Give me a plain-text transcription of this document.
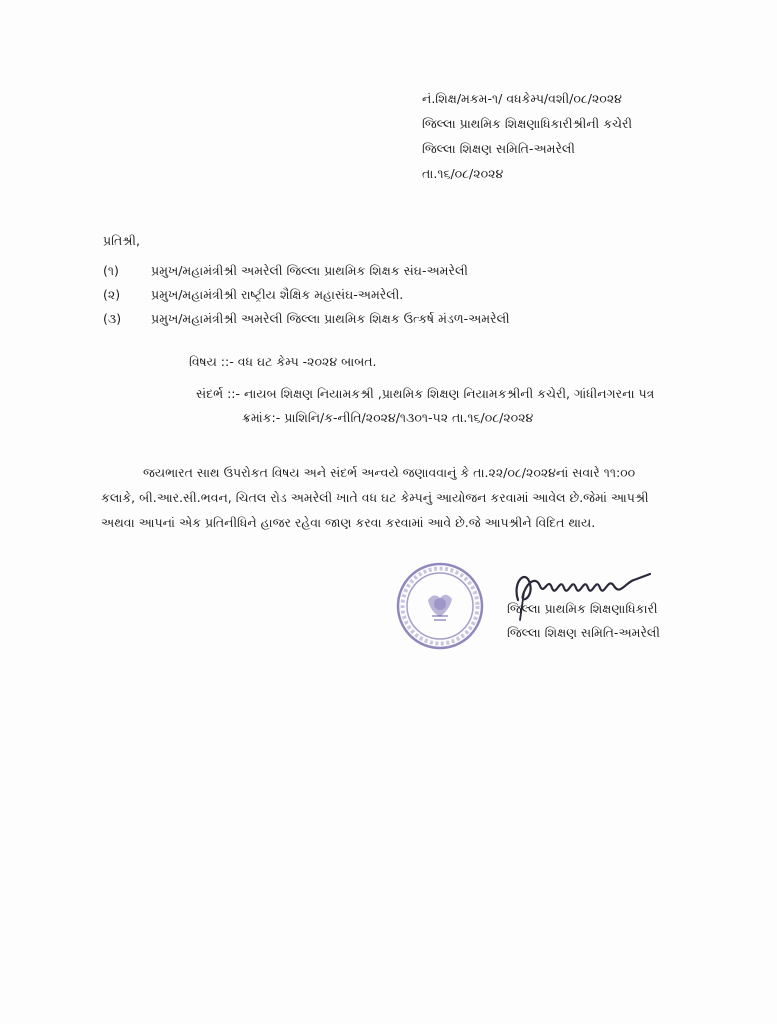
નં.શિક્ષ/મકમ-૧/ વધકેમ્પ/વશી/૦૮/૨૦૨૪
જિલ્લા પ્રાથમિક શિક્ષણાધિકારીશ્રીની કચેરી
જિલ્લા શિક્ષણ સમિતિ-અમરેલી
તા.૧૬/૦૮/૨૦૨૪
પ્રતિશ્રી,
(૧)	પ્રમુખ/મહામંત્રીશ્રી અમરેલી જિલ્લા પ્રાથમિક શિક્ષક સંઘ-અમરેલી
(૨)	પ્રમુખ/મહામંત્રીશ્રી રાષ્ટ્રીય શૈક્ષિક મહાસંઘ-અમરેલી.
(૩)	પ્રમુખ/મહામંત્રીશ્રી અમરેલી જિલ્લા પ્રાથમિક શિક્ષક ઉત્કર્ષ મંડળ-અમરેલી
વિષય ::- વધ ઘટ કેમ્પ -૨૦૨૪ બાબત.
સંદર્ભ ::- નાયબ શિક્ષણ નિયામકશ્રી ,પ્રાથમિક શિક્ષણ નિયામકશ્રીની કચેરી, ગાંધીનગરના પત્ર
ક્રમાંક:- પ્રાશિનિ/ક-નીતિ/૨૦૨૪/૧૩૦૧-૫૨ તા.૧૬/૦૮/૨૦૨૪
જયભારત સાથ ઉપરોકત વિષય અને સંદર્ભ અન્વયે જણાવવાનું કે તા.૨૨/૦૮/૨૦૨૪નાં સવારે ૧૧:૦૦
કલાકે, બી.આર.સી.ભવન, ચિતલ રોડ અમરેલી ખાતે વધ ઘટ કેમ્પનું આયોજન કરવામાં આવેલ છે.જેમાં આપશ્રી
અથવા આપનાં એક પ્રતિનીધિને હાજર રહેવા જાણ કરવા કરવામાં આવે છે.જે આપશ્રીને વિદિત થાય.
જિલ્લા પ્રાથમિક શિક્ષણાધિકારી
જિલ્લા શિક્ષણ સમિતિ-અમરેલી
